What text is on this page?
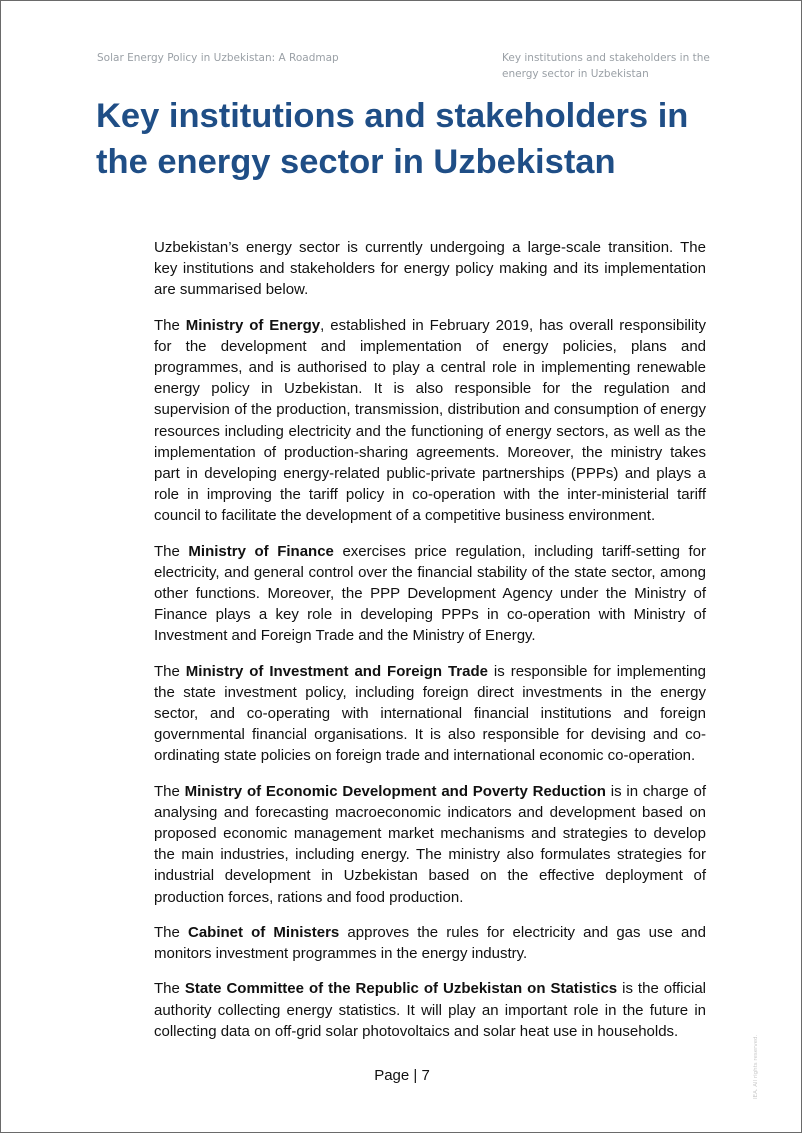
Solar Energy Policy in Uzbekistan: A Roadmap	Key institutions and stakeholders in the energy sector in Uzbekistan
Key institutions and stakeholders in the energy sector in Uzbekistan

Uzbekistan’s energy sector is currently undergoing a large-scale transition. The key institutions and stakeholders for energy policy making and its implementation are summarised below.

The Ministry of Energy, established in February 2019, has overall responsibility for the development and implementation of energy policies, plans and programmes, and is authorised to play a central role in implementing renewable energy policy in Uzbekistan. It is also responsible for the regulation and supervision of the production, transmission, distribution and consumption of energy resources including electricity and the functioning of energy sectors, as well as the implementation of production-sharing agreements. Moreover, the ministry takes part in developing energy-related public-private partnerships (PPPs) and plays a role in improving the tariff policy in co-operation with the inter-ministerial tariff council to facilitate the development of a competitive business environment.

The Ministry of Finance exercises price regulation, including tariff-setting for electricity, and general control over the financial stability of the state sector, among other functions. Moreover, the PPP Development Agency under the Ministry of Finance plays a key role in developing PPPs in co-operation with Ministry of Investment and Foreign Trade and the Ministry of Energy.

The Ministry of Investment and Foreign Trade is responsible for implementing the state investment policy, including foreign direct investments in the energy sector, and co-operating with international financial institutions and foreign governmental financial organisations. It is also responsible for devising and co-ordinating state policies on foreign trade and international economic co-operation.

The Ministry of Economic Development and Poverty Reduction is in charge of analysing and forecasting macroeconomic indicators and development based on proposed economic management market mechanisms and strategies to develop the main industries, including energy. The ministry also formulates strategies for industrial development in Uzbekistan based on the effective deployment of production forces, rations and food production.

The Cabinet of Ministers approves the rules for electricity and gas use and monitors investment programmes in the energy industry.

The State Committee of the Republic of Uzbekistan on Statistics is the official authority collecting energy statistics. It will play an important role in the future in collecting data on off-grid solar photovoltaics and solar heat use in households.

Page | 7	IEA. All rights reserved.
